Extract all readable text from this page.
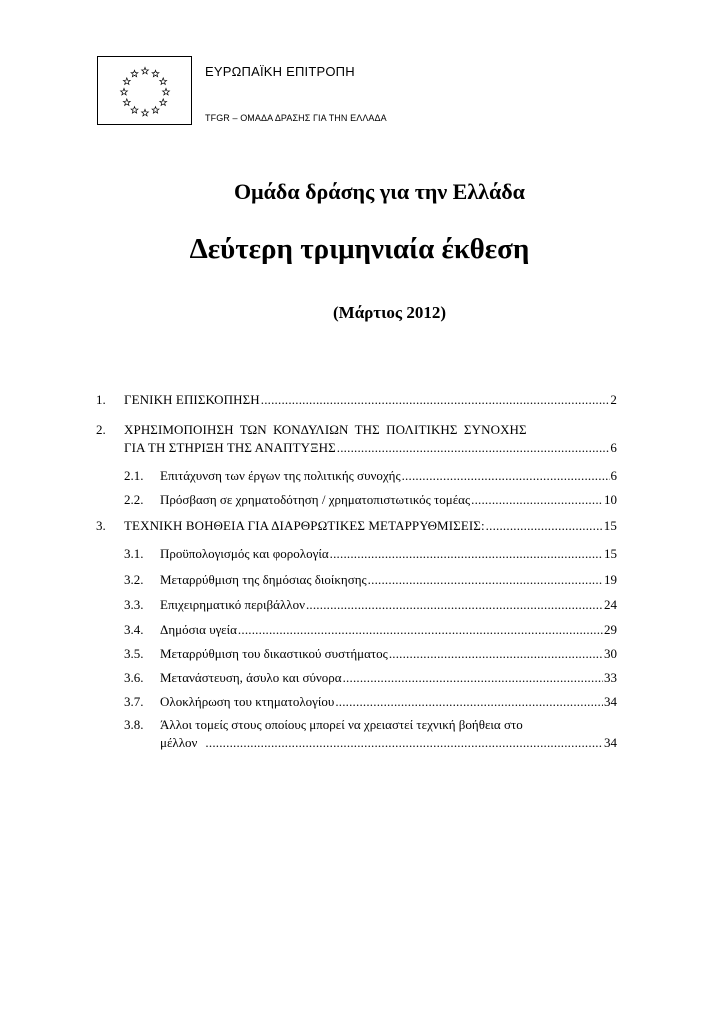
ΕΥΡΩΠΑΪΚΗ ΕΠΙΤΡΟΠΗ
TFGR – ΟΜΑΔΑ ΔΡΑΣΗΣ ΓΙΑ ΤΗΝ ΕΛΛΑΔΑ
Ομάδα δράσης για την Ελλάδα
Δεύτερη τριμηνιαία έκθεση
(Μάρτιος 2012)
1. ΓΕΝΙΚΗ ΕΠΙΣΚΟΠΗΣΗ .....	2
2. ΧΡΗΣΙΜΟΠΟΙΗΣΗ ΤΩΝ ΚΟΝΔΥΛΙΩΝ ΤΗΣ ΠΟΛΙΤΙΚΗΣ ΣΥΝΟΧΗΣ
ΓΙΑ ΤΗ ΣΤΗΡΙΞΗ ΤΗΣ ΑΝΑΠΤΥΞΗΣ .....	6
2.1. Επιτάχυνση των έργων της πολιτικής συνοχής .....	6
2.2. Πρόσβαση σε χρηματοδότηση / χρηματοπιστωτικός τομέας .....	10
3. ΤΕΧΝΙΚΗ ΒΟΗΘΕΙΑ ΓΙΑ ΔΙΑΡΘΡΩΤΙΚΕΣ ΜΕΤΑΡΡΥΘΜΙΣΕΙΣ: .....	15
3.1. Προϋπολογισμός και φορολογία .....	15
3.2. Μεταρρύθμιση της δημόσιας διοίκησης .....	19
3.3. Επιχειρηματικό περιβάλλον .....	24
3.4. Δημόσια υγεία .....	29
3.5. Μεταρρύθμιση του δικαστικού συστήματος .....	30
3.6. Μετανάστευση, άσυλο και σύνορα .....	33
3.7. Ολοκλήρωση του κτηματολογίου .....	34
3.8. Άλλοι τομείς στους οποίους μπορεί να χρειαστεί τεχνική βοήθεια στο
μέλλον .....	34
